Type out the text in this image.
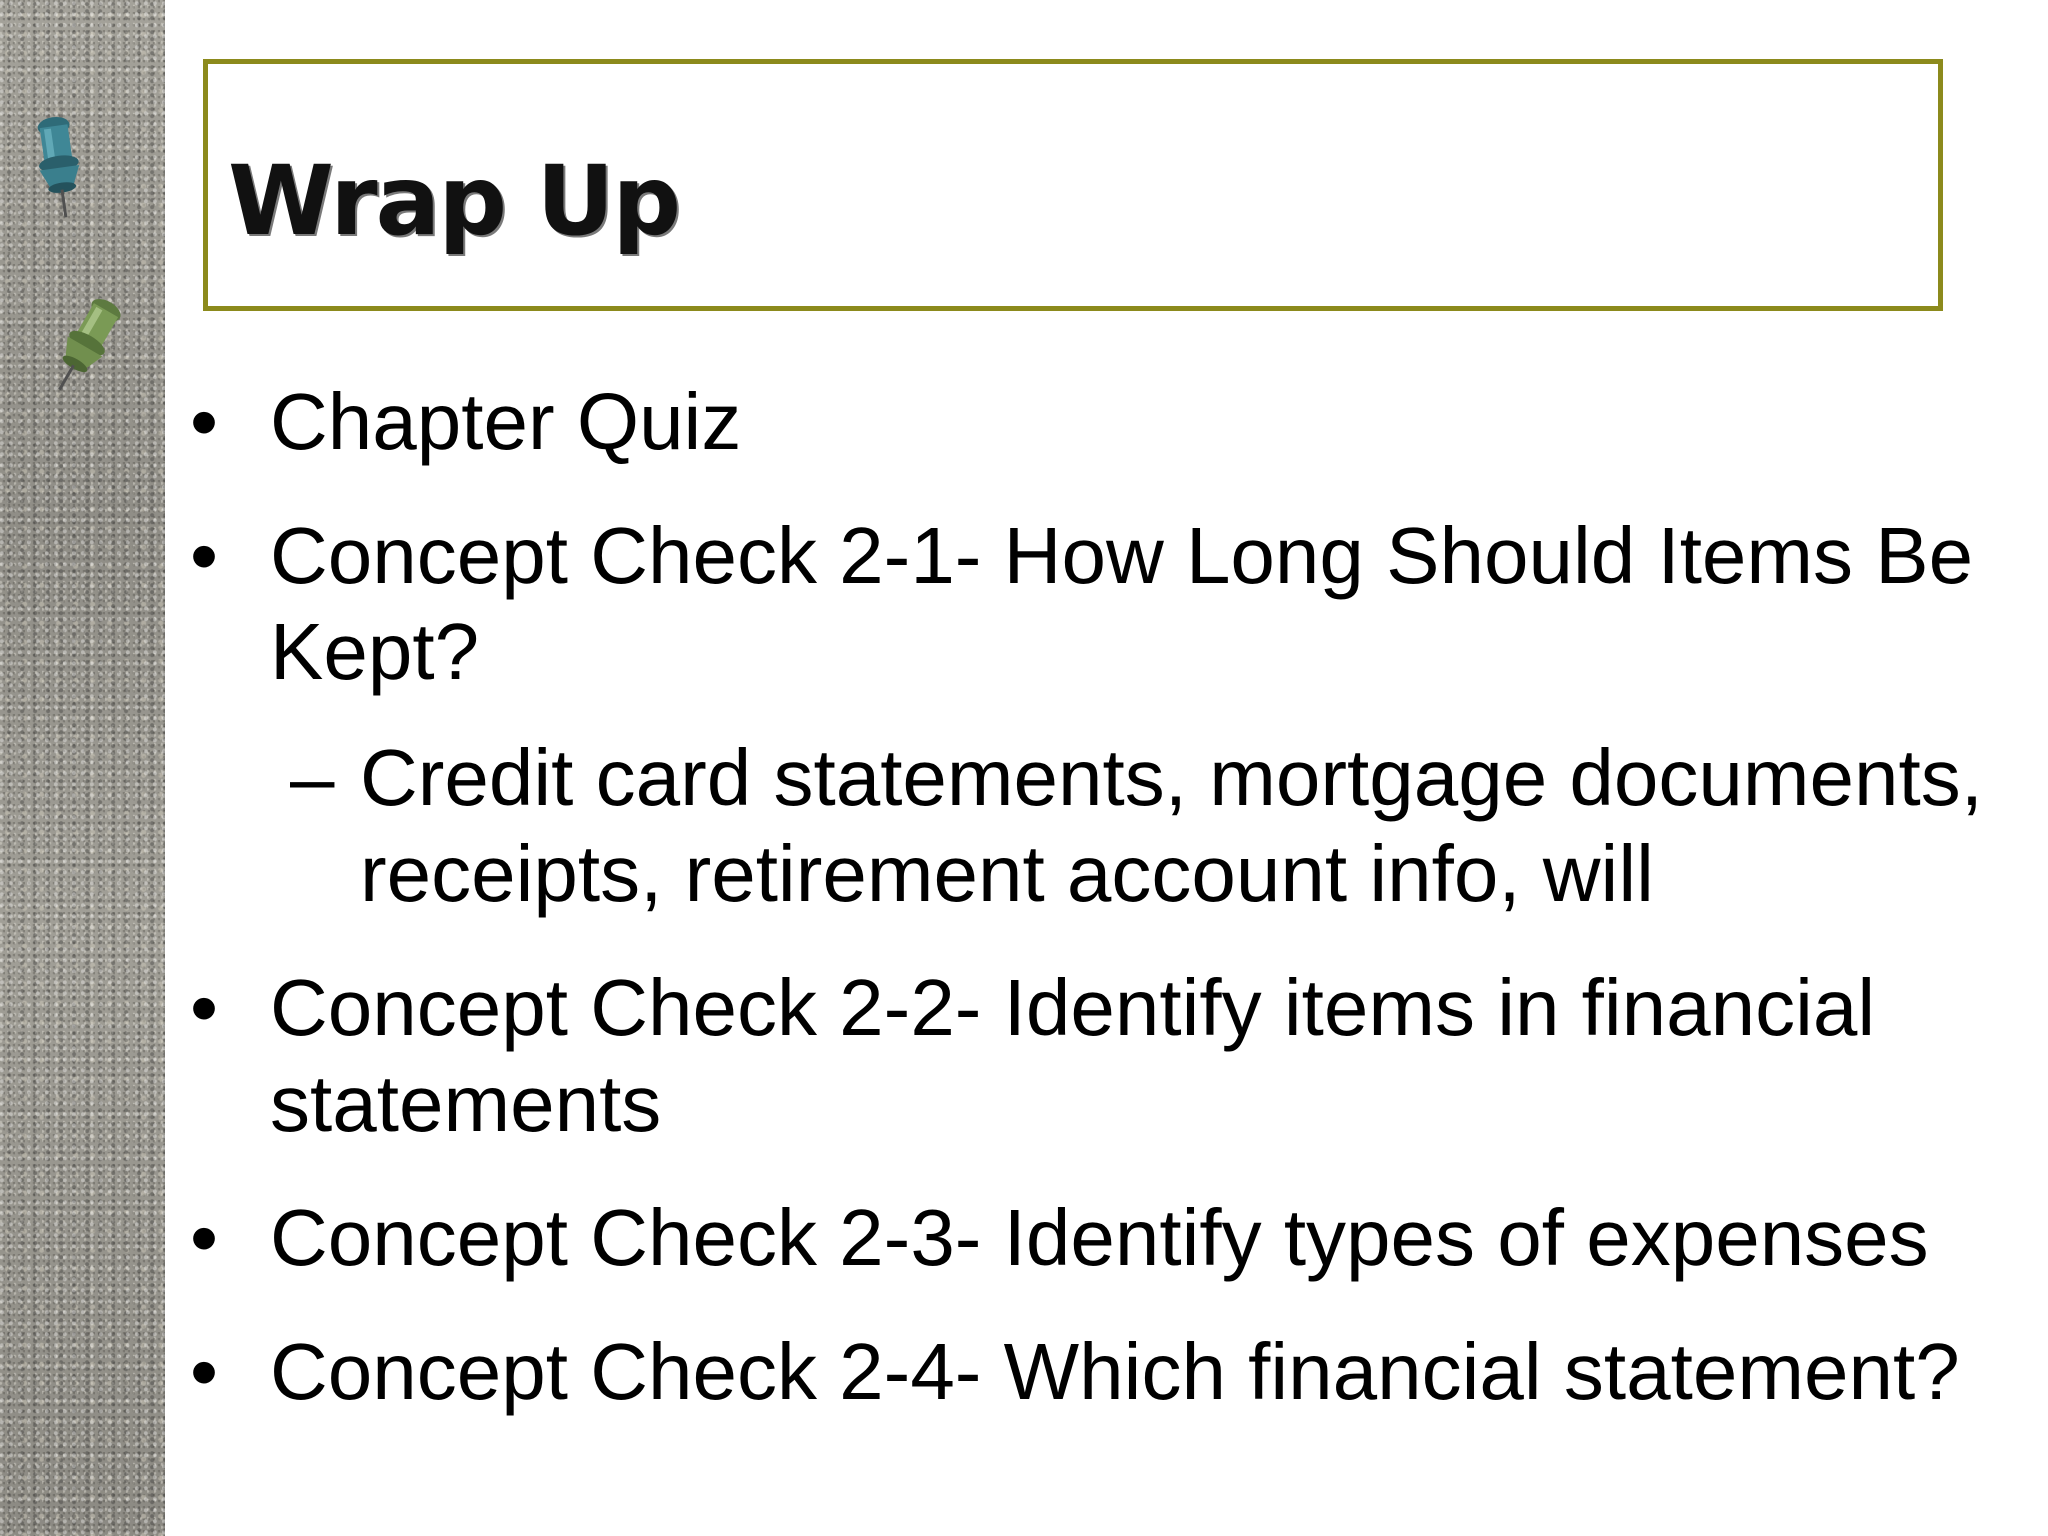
Wrap Up
• Chapter Quiz
• Concept Check 2-1- How Long Should Items Be Kept?
– Credit card statements, mortgage documents, receipts, retirement account info, will
• Concept Check 2-2- Identify items in financial statements
• Concept Check 2-3- Identify types of expenses
• Concept Check 2-4- Which financial statement?
